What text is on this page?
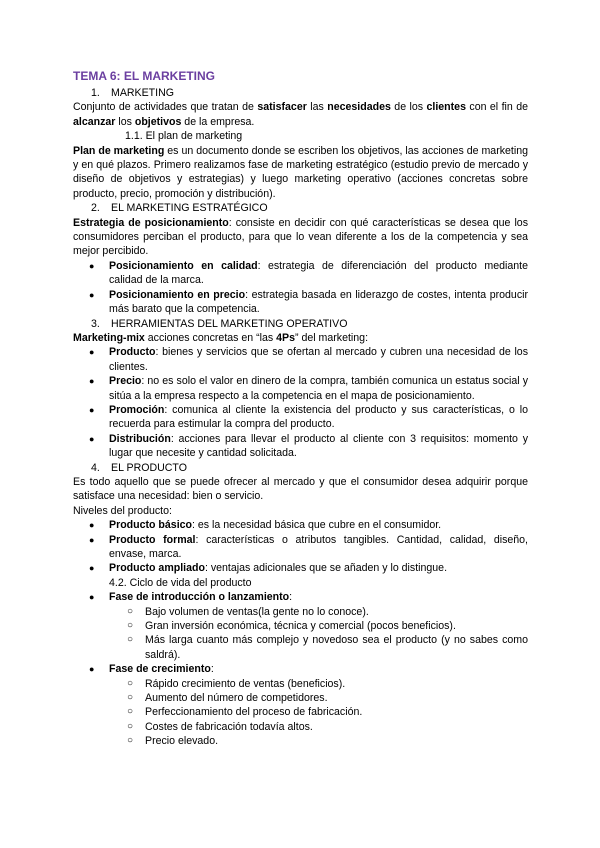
TEMA 6: EL MARKETING
1. MARKETING
Conjunto de actividades que tratan de satisfacer las necesidades de los clientes con el fin de alcanzar los objetivos de la empresa.
1.1. El plan de marketing
Plan de marketing es un documento donde se escriben los objetivos, las acciones de marketing y en qué plazos. Primero realizamos fase de marketing estratégico (estudio previo de mercado y diseño de objetivos y estrategias) y luego marketing operativo (acciones concretas sobre producto, precio, promoción y distribución).
2. EL MARKETING ESTRATÉGICO
Estrategia de posicionamiento: consiste en decidir con qué características se desea que los consumidores perciban el producto, para que lo vean diferente a los de la competencia y sea mejor percibido.
● Posicionamiento en calidad: estrategia de diferenciación del producto mediante calidad de la marca.
● Posicionamiento en precio: estrategia basada en liderazgo de costes, intenta producir más barato que la competencia.
3. HERRAMIENTAS DEL MARKETING OPERATIVO
Marketing-mix acciones concretas en “las 4Ps” del marketing:
● Producto: bienes y servicios que se ofertan al mercado y cubren una necesidad de los clientes.
● Precio: no es solo el valor en dinero de la compra, también comunica un estatus social y sitúa a la empresa respecto a la competencia en el mapa de posicionamiento.
● Promoción: comunica al cliente la existencia del producto y sus características, o lo recuerda para estimular la compra del producto.
● Distribución: acciones para llevar el producto al cliente con 3 requisitos: momento y lugar que necesite y cantidad solicitada.
4. EL PRODUCTO
Es todo aquello que se puede ofrecer al mercado y que el consumidor desea adquirir porque satisface una necesidad: bien o servicio.
Niveles del producto:
● Producto básico: es la necesidad básica que cubre en el consumidor.
● Producto formal: características o atributos tangibles. Cantidad, calidad, diseño, envase, marca.
● Producto ampliado: ventajas adicionales que se añaden y lo distingue.
4.2. Ciclo de vida del producto
● Fase de introducción o lanzamiento:
○ Bajo volumen de ventas(la gente no lo conoce).
○ Gran inversión económica, técnica y comercial (pocos beneficios).
○ Más larga cuanto más complejo y novedoso sea el producto (y no sabes como saldrá).
● Fase de crecimiento:
○ Rápido crecimiento de ventas (beneficios).
○ Aumento del número de competidores.
○ Perfeccionamiento del proceso de fabricación.
○ Costes de fabricación todavía altos.
○ Precio elevado.
